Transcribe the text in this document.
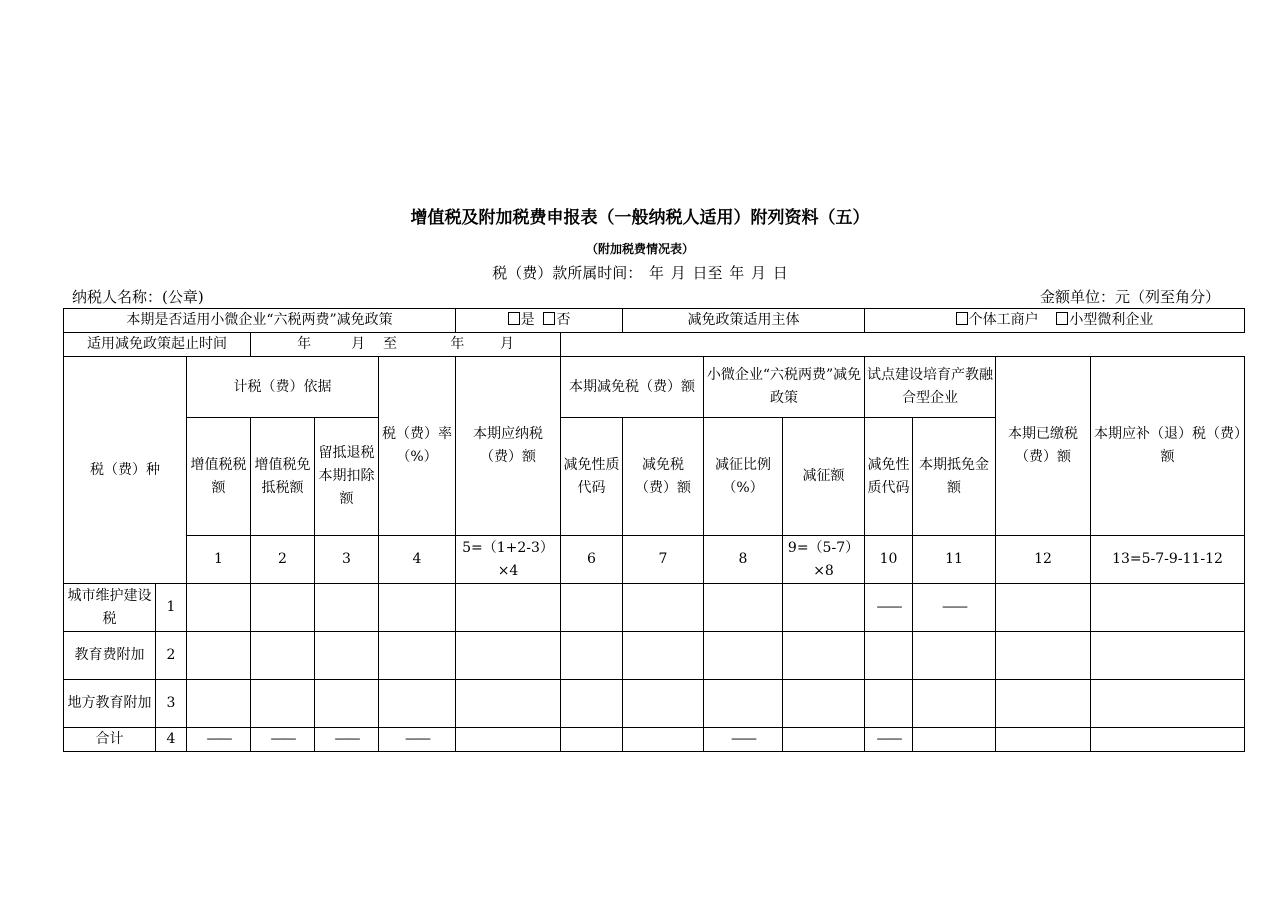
增值税及附加税费申报表（一般纳税人适用）附列资料（五）
（附加税费情况表）
税（费）款所属时间： 年 月 日至 年 月 日
纳税人名称：(公章)	金额单位：元（列至角分）
本期是否适用小微企业“六税两费”减免政策						是 否		减免政策适用主体			个体工商户 小型微利企业			
适用减免政策起止时间			年 月 至 年 月											
税（费）种		计税（费）依据			税（费）率（%）	本期应纳税（费）额	本期减免税（费）额		小微企业“六税两费”减免政策		试点建设培育产教融合型企业		本期已缴税（费）额	本期应补（退）税（费）额
		增值税税额	增值税免抵税额	留抵退税本期扣除额			减免性质代码	减免税（费）额	减征比例（%）	减征额	减免性质代码	本期抵免金额		
		1	2	3	4	5=（1+2-3）×4	6	7	8	9=（5-7）×8	10	11	12	13=5-7-9-11-12
城市维护建设税	1										——	——		
教育费附加	2													
地方教育附加	3													
合计	4	——	——	——	——				——		——			
